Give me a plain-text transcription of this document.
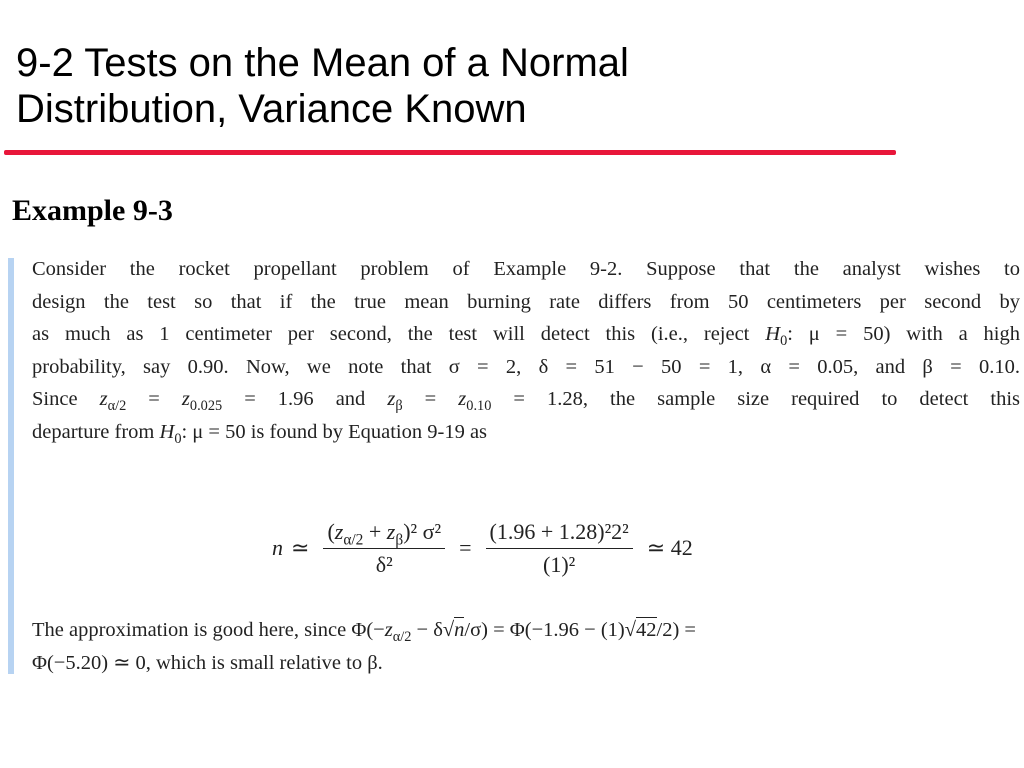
9-2 Tests on the Mean of a Normal
Distribution, Variance Known
Example 9-3

Consider the rocket propellant problem of Example 9-2. Suppose that the analyst wishes to
design the test so that if the true mean burning rate differs from 50 centimeters per second by
as much as 1 centimeter per second, the test will detect this (i.e., reject $H_0$: μ = 50) with a high
probability, say 0.90. Now, we note that σ = 2, δ = 51 − 50 = 1, α = 0.05, and β = 0.10.
Since $z_{\alpha/2} = z_{0.025} = 1.96$ and $z_\beta = z_{0.10} = 1.28$, the sample size required to detect this
departure from $H_0$: μ = 50 is found by Equation 9-19 as

n ≃ $\frac{(z_{\alpha/2} + z_\beta)^2 \sigma^2}{\text{δ²}} = \frac{\text{(1.96 + 1.28)²2²}}{\text{(1)²}}$ ≃ 42

The approximation is good here, since $\Phi(-z_{\alpha/2} - \delta√n/\sigma) = \Phi(-1.96 - (1)√42/2)$ =
Φ(−5.20) ≃ 0, which is small relative to β.
